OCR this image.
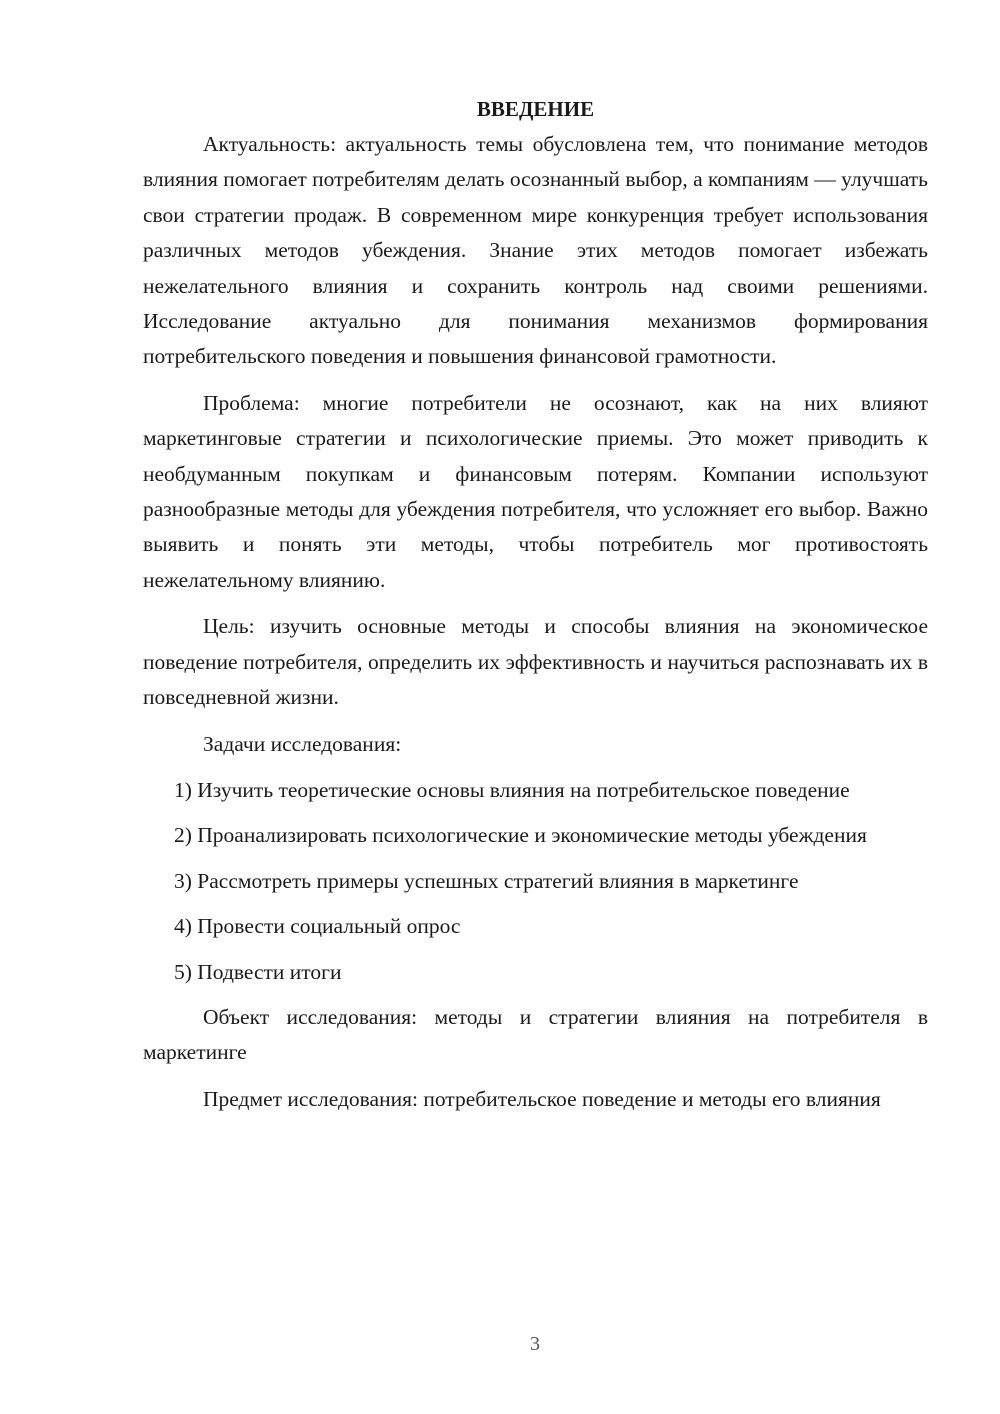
ВВЕДЕНИЕ

Актуальность: актуальность темы обусловлена тем, что понимание методов влияния помогает потребителям делать осознанный выбор, а компаниям — улучшать свои стратегии продаж. В современном мире конкуренция требует использования различных методов убеждения. Знание этих методов помогает избежать нежелательного влияния и сохранить контроль над своими решениями. Исследование актуально для понимания механизмов формирования потребительского поведения и повышения финансовой грамотности.

Проблема: многие потребители не осознают, как на них влияют маркетинговые стратегии и психологические приемы. Это может приводить к необдуманным покупкам и финансовым потерям. Компании используют разнообразные методы для убеждения потребителя, что усложняет его выбор. Важно выявить и понять эти методы, чтобы потребитель мог противостоять нежелательному влиянию.

Цель: изучить основные методы и способы влияния на экономическое поведение потребителя, определить их эффективность и научиться распознавать их в повседневной жизни.

Задачи исследования:

1) Изучить теоретические основы влияния на потребительское поведение

2) Проанализировать психологические и экономические методы убеждения

3) Рассмотреть примеры успешных стратегий влияния в маркетинге

4) Провести социальный опрос

5) Подвести итоги

Объект исследования: методы и стратегии влияния на потребителя в маркетинге

Предмет исследования: потребительское поведение и методы его влияния

3
